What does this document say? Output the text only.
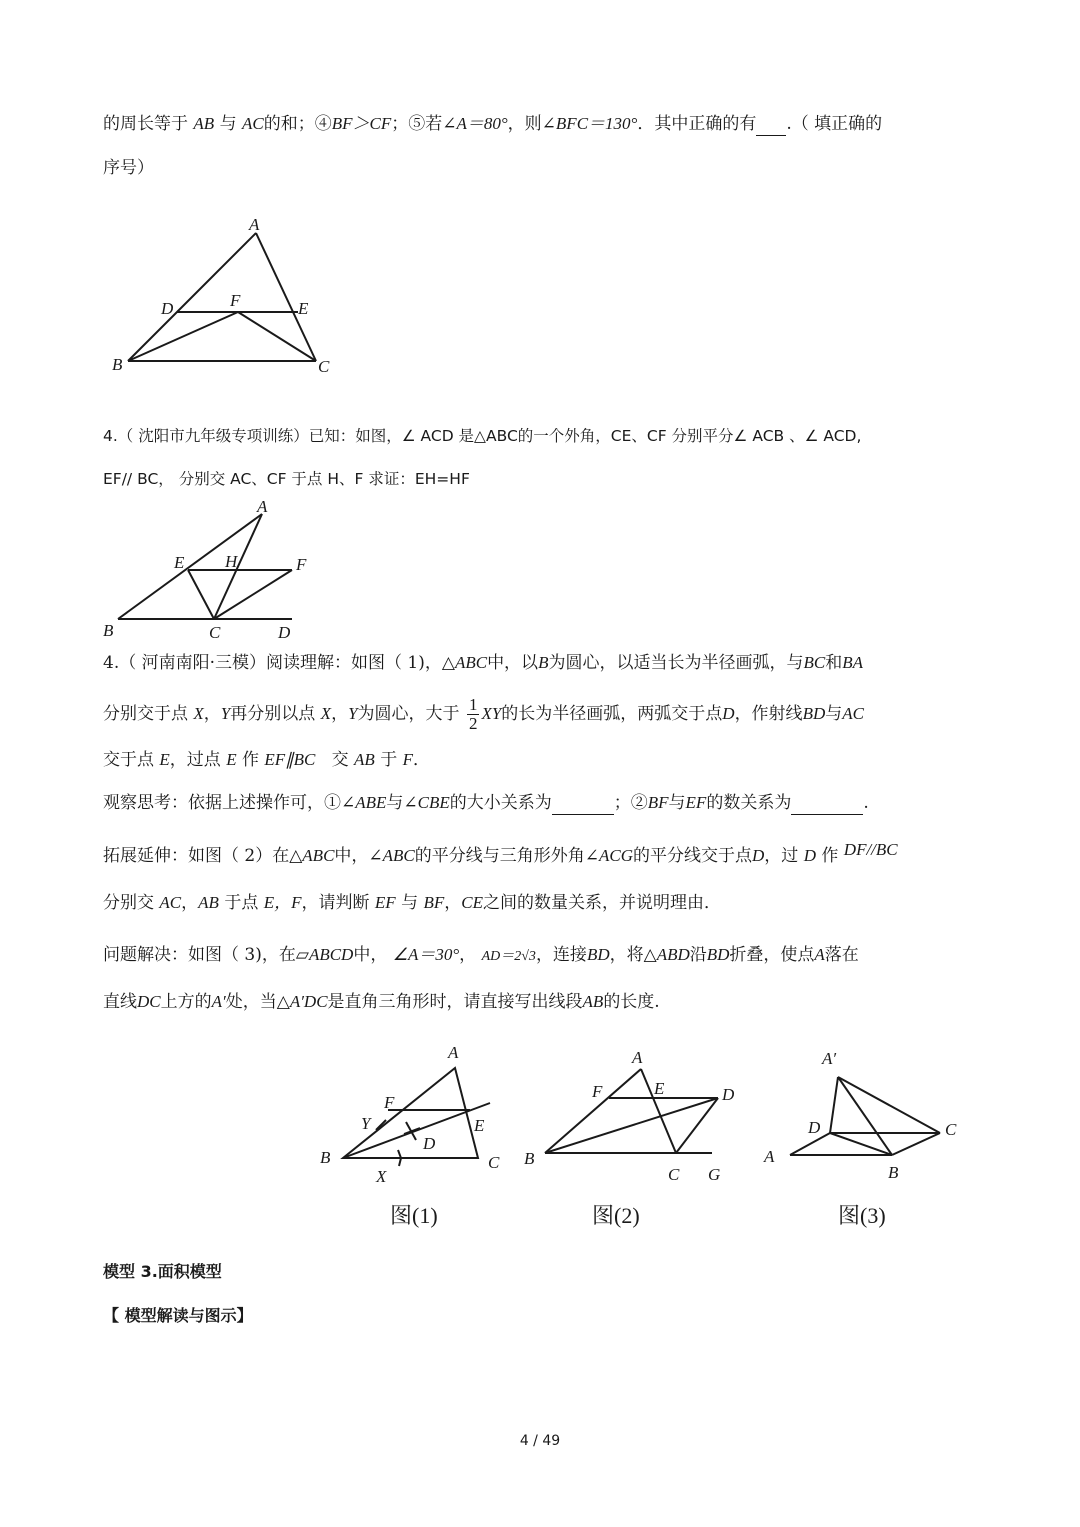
的周长等于 AB 与 AC的和；④BF＞CF；⑤若∠A＝80°，则∠BFC＝130°．其中正确的有 .（ 填正确的
序号）
A
B	C
D	E
F
4.（ 沈阳市九年级专项训练）已知：如图，∠ ACD 是△ABC的一个外角，CE、CF 分别平分∠ ACB 、∠ ACD,
EF// BC， 分别交 AC、CF 于点 H、F 求证：EH=HF
A
B	C	D
E	F
H
4.（ 河南南阳·三模）阅读理解：如图（ 1)，△ABC中，以B为圆心，以适当长为半径画弧，与BC和BA
分别交于点 X，Y再分别以点 X，Y为圆心，大于 $\frac{1}{2}$ XY的长为半径画弧，两弧交于点D，作射线BD与AC
交于点 E，过点 E 作 EF∥BC 交 AB 于 F．
观察思考：依据上述操作可，①∠ABE与∠CBE的大小关系为	；②BF与EF的数关系为	.
拓展延伸：如图（ 2）在△ABC中，∠ABC的平分线与三角形外角∠ACG的平分线交于点D，过 D 作 DF//BC
分别交 AC，AB 于点 E，F，请判断 EF 与 BF，CE之间的数量关系，并说明理由．
问题解决：如图（ 3)，在▱ABCD中， ∠A＝30°， AD＝2√3，连接BD，将△ABD沿BD折叠，使点A落在
直线DC上方的A′处，当△A′DC是直角三角形时，请直接写出线段AB的长度.
A
B	C
D
E
F
X
Y
图(1)
A
B
C
D
E
F
G
图(2)
A′
A
B
C
D
图(3)
模型 3.面积模型
【 模型解读与图示】
4 / 49
